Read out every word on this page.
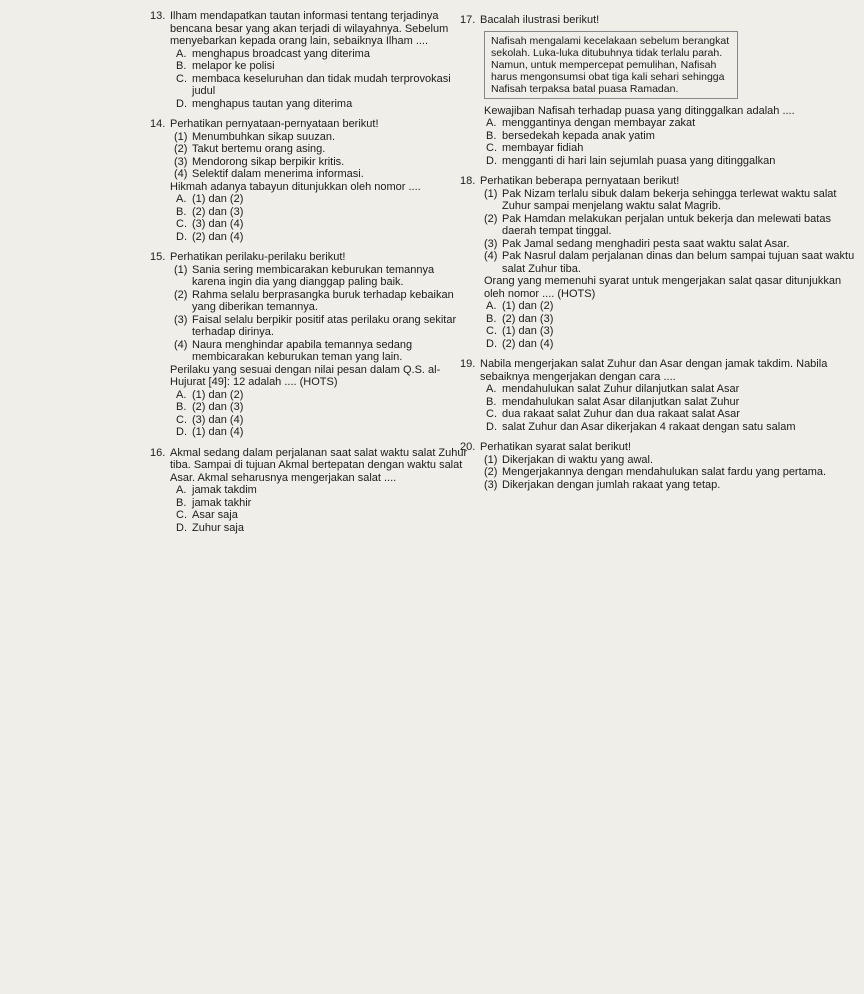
13. Ilham mendapatkan tautan informasi tentang terjadinya bencana besar yang akan terjadi di wilayahnya. Sebelum menyebarkan kepada orang lain, sebaiknya Ilham ....
A. menghapus broadcast yang diterima
B. melapor ke polisi
C. membaca keseluruhan dan tidak mudah terprovokasi judul
D. menghapus tautan yang diterima
14. Perhatikan pernyataan-pernyataan berikut!
(1) Menumbuhkan sikap suuzan.
(2) Takut bertemu orang asing.
(3) Mendorong sikap berpikir kritis.
(4) Selektif dalam menerima informasi.
Hikmah adanya tabayun ditunjukkan oleh nomor ....
A. (1) dan (2)
B. (2) dan (3)
C. (3) dan (4)
D. (2) dan (4)
15. Perhatikan perilaku-perilaku berikut!
(1) Sania sering membicarakan keburukan temannya karena ingin dia yang dianggap paling baik.
(2) Rahma selalu berprasangka buruk terhadap kebaikan yang diberikan temannya.
(3) Faisal selalu berpikir positif atas perilaku orang sekitar terhadap dirinya.
(4) Naura menghindar apabila temannya sedang membicarakan keburukan teman yang lain.
Perilaku yang sesuai dengan nilai pesan dalam Q.S. al-Hujurat [49]: 12 adalah .... (HOTS)
A. (1) dan (2)
B. (2) dan (3)
C. (3) dan (4)
D. (1) dan (4)
16. Akmal sedang dalam perjalanan saat salat waktu salat Zuhur tiba. Sampai di tujuan Akmal bertepatan dengan waktu salat Asar. Akmal seharusnya mengerjakan salat ....
A. jamak takdim
B. jamak takhir
C. Asar saja
D. Zuhur saja
17. Bacalah ilustrasi berikut!
Nafisah mengalami kecelakaan sebelum berangkat sekolah. Luka-luka ditubuhnya tidak terlalu parah. Namun, untuk mempercepat pemulihan, Nafisah harus mengonsumsi obat tiga kali sehari sehingga Nafisah terpaksa batal puasa Ramadan.
Kewajiban Nafisah terhadap puasa yang ditinggalkan adalah ....
A. menggantinya dengan membayar zakat
B. bersedekah kepada anak yatim
C. membayar fidiah
D. mengganti di hari lain sejumlah puasa yang ditinggalkan
18. Perhatikan beberapa pernyataan berikut!
(1) Pak Nizam terlalu sibuk dalam bekerja sehingga terlewat waktu salat Zuhur sampai menjelang waktu salat Magrib.
(2) Pak Hamdan melakukan perjalan untuk bekerja dan melewati batas daerah tempat tinggal.
(3) Pak Jamal sedang menghadiri pesta saat waktu salat Asar.
(4) Pak Nasrul dalam perjalanan dinas dan belum sampai tujuan saat waktu salat Zuhur tiba.
Orang yang memenuhi syarat untuk mengerjakan salat qasar ditunjukkan oleh nomor .... (HOTS)
A. (1) dan (2)
B. (2) dan (3)
C. (1) dan (3)
D. (2) dan (4)
19. Nabila mengerjakan salat Zuhur dan Asar dengan jamak takdim. Nabila sebaiknya mengerjakan dengan cara ....
A. mendahulukan salat Zuhur dilanjutkan salat Asar
B. mendahulukan salat Asar dilanjutkan salat Zuhur
C. dua rakaat salat Zuhur dan dua rakaat salat Asar
D. salat Zuhur dan Asar dikerjakan 4 rakaat dengan satu salam
20. Perhatikan syarat salat berikut!
(1) Dikerjakan di waktu yang awal.
(2) Mengerjakannya dengan mendahulukan salat fardu yang pertama.
(3) Dikerjakan dengan jumlah rakaat yang tetap.
